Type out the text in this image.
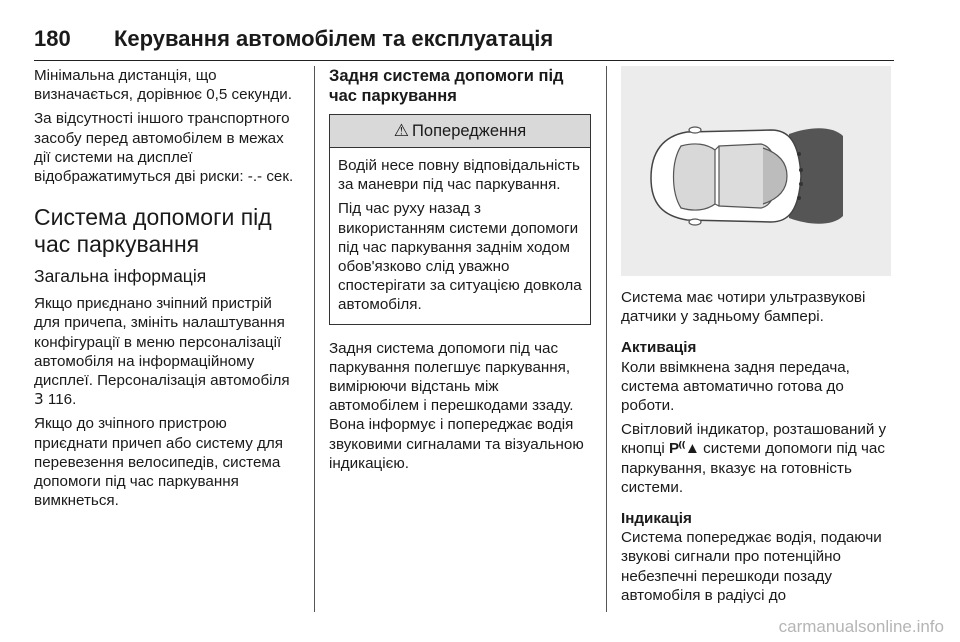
180 Керування автомобілем та експлуатація

Мінімальна дистанція, що визначається, дорівнює 0,5 секунди.

За відсутності іншого транспортного засобу перед автомобілем в межах дії системи на дисплеї відображатимуться дві риски: -.- сек.

Система допомоги під час паркування
Загальна інформація

Якщо приєднано зчіпний пристрій для причепа, змініть налаштування конфігурації в меню персоналізації автомобіля на інформаційному дисплеї. Персоналізація автомобіля 3 116.

Якщо до зчіпного пристрою приєднати причеп або систему для перевезення велосипедів, система допомоги під час паркування вимкнеться.

Задня система допомоги під час паркування
⚠ Попередження

Водій несе повну відповідальність за маневри під час паркування.

Під час руху назад з використанням системи допомоги під час паркування заднім ходом обов'язково слід уважно спостерігати за ситуацією довкола автомобіля.

Задня система допомоги під час паркування полегшує паркування, вимірюючи відстань між автомобілем і перешкодами ззаду. Вона інформує і попереджає водія звуковими сигналами та візуальною індикацією.

Система має чотири ультразвукові датчики у задньому бампері.

Активація

Коли ввімкнена задня передача, система автоматично готова до роботи.

Світловий індикатор, розташований у кнопці P⁽⁽▲ системи допомоги під час паркування, вказує на готовність системи.

Індикація

Система попереджає водія, подаючи звукові сигнали про потенційно небезпечні перешкоди позаду автомобіля в радіусі до

carmanualsonline.info
